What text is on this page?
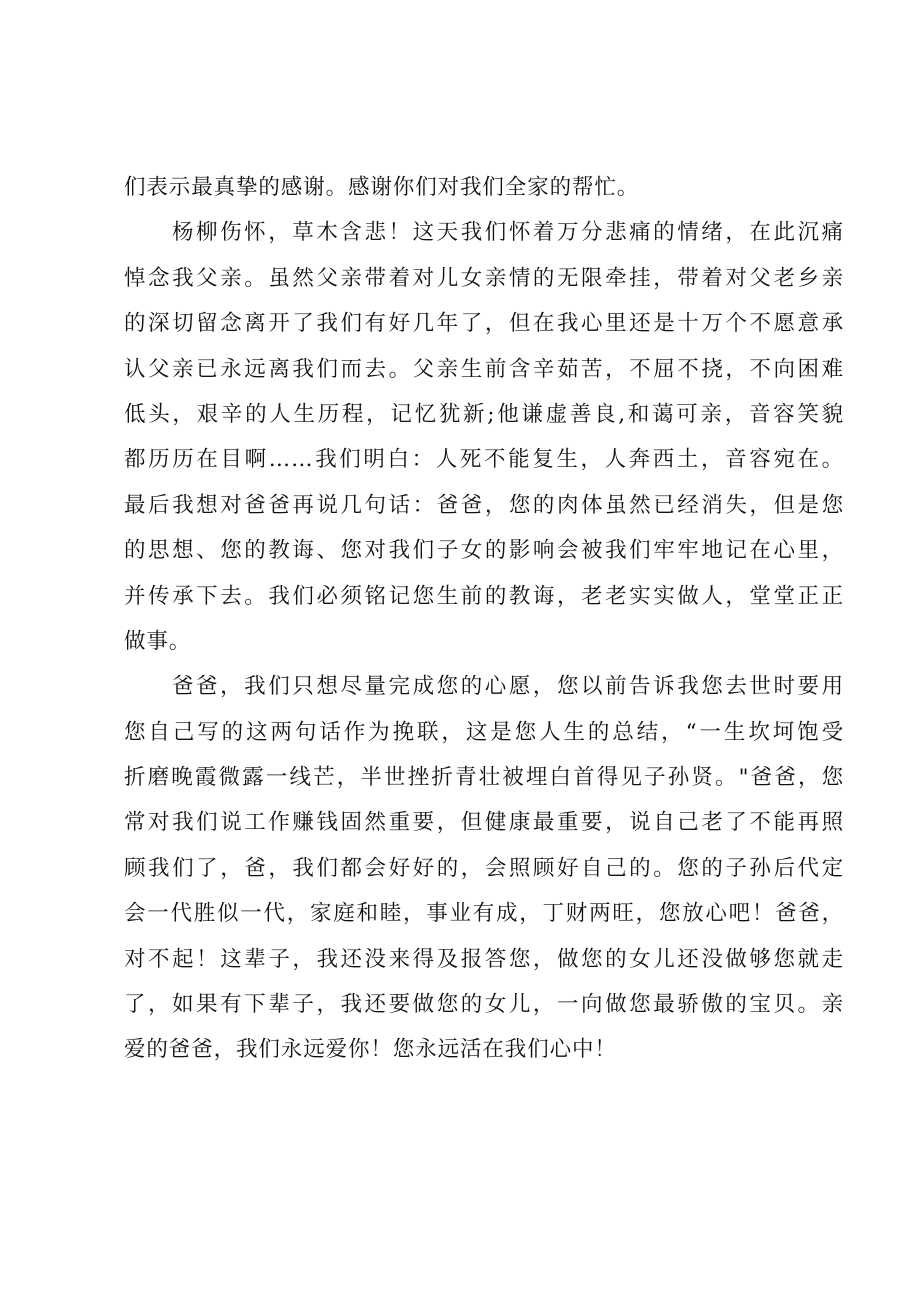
们表示最真挚的感谢。感谢你们对我们全家的帮忙。
杨柳伤怀，草木含悲！这天我们怀着万分悲痛的情绪，在此沉痛
悼念我父亲。虽然父亲带着对儿女亲情的无限牵挂，带着对父老乡亲
的深切留念离开了我们有好几年了，但在我心里还是十万个不愿意承
认父亲已永远离我们而去。父亲生前含辛茹苦，不屈不挠，不向困难
低头，艰辛的人生历程，记忆犹新;他谦虚善良,和蔼可亲，音容笑貌
都历历在目啊……我们明白：人死不能复生，人奔西土，音容宛在。
最后我想对爸爸再说几句话：爸爸，您的肉体虽然已经消失，但是您
的思想、您的教诲、您对我们子女的影响会被我们牢牢地记在心里，
并传承下去。我们必须铭记您生前的教诲，老老实实做人，堂堂正正
做事。
爸爸，我们只想尽量完成您的心愿，您以前告诉我您去世时要用
您自己写的这两句话作为挽联，这是您人生的总结，“一生坎坷饱受
折磨晚霞微露一线芒，半世挫折青壮被埋白首得见子孙贤。"爸爸，您
常对我们说工作赚钱固然重要，但健康最重要，说自己老了不能再照
顾我们了，爸，我们都会好好的，会照顾好自己的。您的子孙后代定
会一代胜似一代，家庭和睦，事业有成，丁财两旺，您放心吧！爸爸，
对不起！这辈子，我还没来得及报答您，做您的女儿还没做够您就走
了，如果有下辈子，我还要做您的女儿，一向做您最骄傲的宝贝。亲
爱的爸爸，我们永远爱你！您永远活在我们心中！
